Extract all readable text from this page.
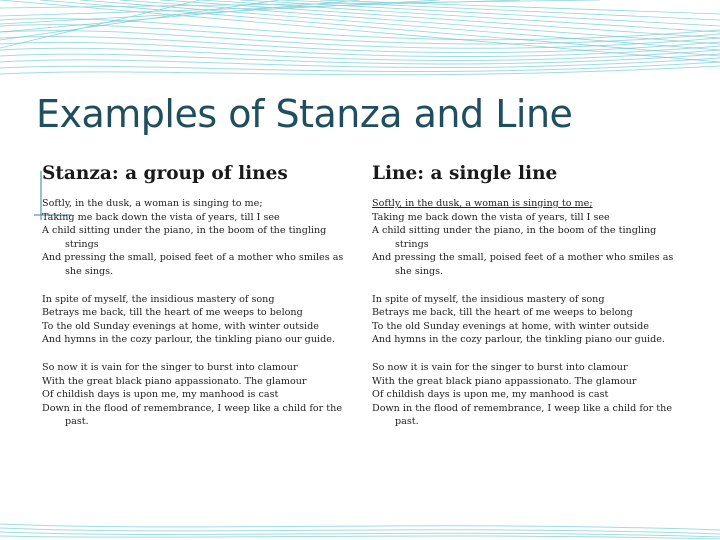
Examples of Stanza and Line
Stanza: a group of lines
Softly, in the dusk, a woman is singing to me;
Taking me back down the vista of years, till I see
A child sitting under the piano, in the boom of the tingling strings
And pressing the small, poised feet of a mother who smiles as she sings.
In spite of myself, the insidious mastery of song
Betrays me back, till the heart of me weeps to belong
To the old Sunday evenings at home, with winter outside
And hymns in the cozy parlour, the tinkling piano our guide.
So now it is vain for the singer to burst into clamour
With the great black piano appassionato. The glamour
Of childish days is upon me, my manhood is cast
Down in the flood of remembrance, I weep like a child for the past.
Line: a single line
Softly, in the dusk, a woman is singing to me;
Taking me back down the vista of years, till I see
A child sitting under the piano, in the boom of the tingling strings
And pressing the small, poised feet of a mother who smiles as she sings.
In spite of myself, the insidious mastery of song
Betrays me back, till the heart of me weeps to belong
To the old Sunday evenings at home, with winter outside
And hymns in the cozy parlour, the tinkling piano our guide.
So now it is vain for the singer to burst into clamour
With the great black piano appassionato. The glamour
Of childish days is upon me, my manhood is cast
Down in the flood of remembrance, I weep like a child for the past.
